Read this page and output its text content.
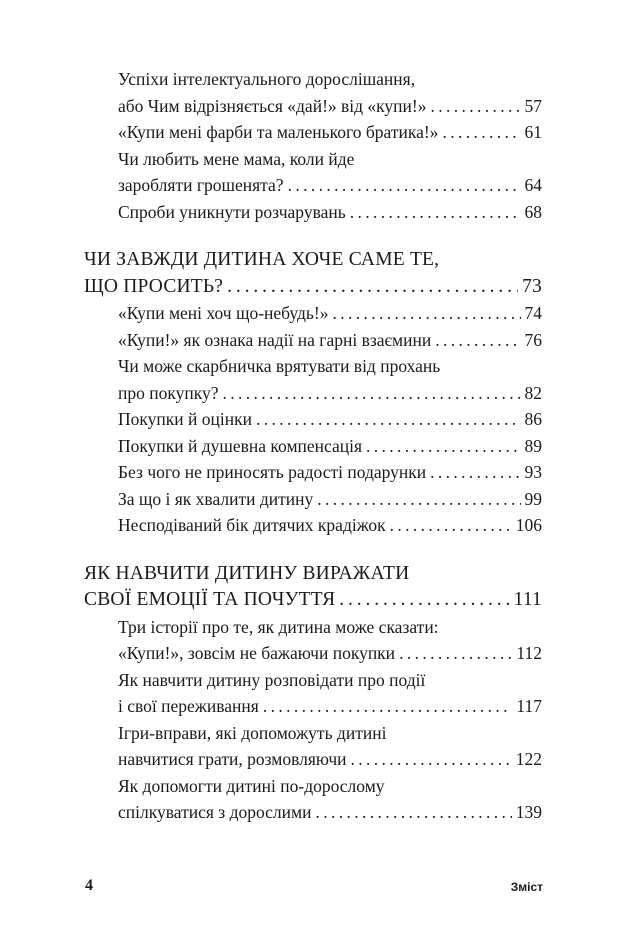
Успіхи інтелектуального дорослішання,
або Чим відрізняється «дай!» від «купи!» . . .	57
«Купи мені фарби та маленького братика!» . . .	61
Чи любить мене мама, коли йде
заробляти грошенята? . . .	64
Спроби уникнути розчарувань . . .	68
ЧИ ЗАВЖДИ ДИТИНА ХОЧЕ САМЕ ТЕ,
ЩО ПРОСИТЬ? . . .	73
«Купи мені хоч що-небудь!» . . .	74
«Купи!» як ознака надії на гарні взаємини . . .	76
Чи може скарбничка врятувати від прохань
про покупку? . . .	82
Покупки й оцінки . . .	86
Покупки й душевна компенсація . . .	89
Без чого не приносять радості подарунки . . .	93
За що і як хвалити дитину . . .	99
Несподіваний бік дитячих крадіжок . . .	106
ЯК НАВЧИТИ ДИТИНУ ВИРАЖАТИ
СВОЇ ЕМОЦІЇ ТА ПОЧУТТЯ . . .	111
Три історії про те, як дитина може сказати:
«Купи!», зовсім не бажаючи покупки . . .	112
Як навчити дитину розповідати про події
і свої переживання . . .	117
Ігри-вправи, які допоможуть дитині
навчитися грати, розмовляючи . . .	122
Як допомогти дитині по-дорослому
спілкуватися з дорослими . . .	139
4	Зміст
